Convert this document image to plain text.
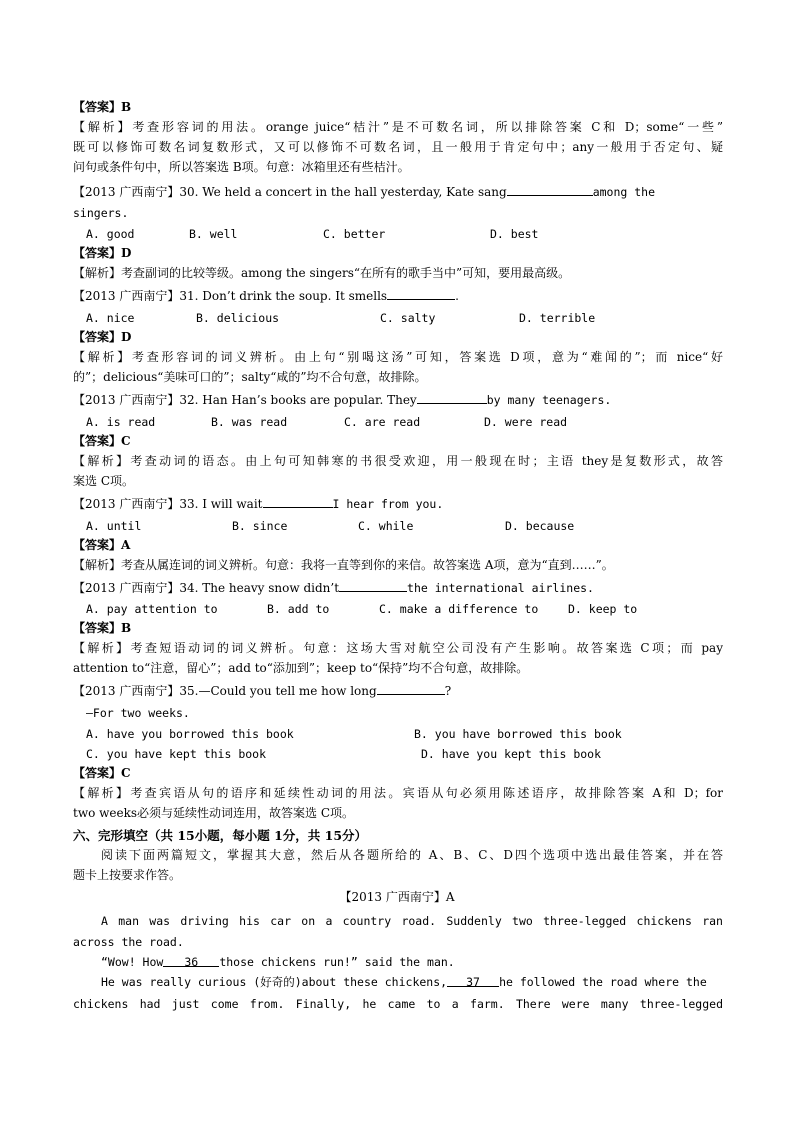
【答案】B
【解析】考查形容词的用法。orange juice“桔汁”是不可数名词，所以排除答案 C和 D；some“一些”
既可以修饰可数名词复数形式，又可以修饰不可数名词，且一般用于肯定句中；any一般用于否定句、疑
问句或条件句中，所以答案选 B项。句意：冰箱里还有些桔汁。
【2013 广西南宁】30. We held a concert in the hall yesterday, Kate sang	among the
singers.
A. good	B. well	C. better	D. best
【答案】D
【解析】考查副词的比较等级。among the singers“在所有的歌手当中”可知，要用最高级。
【2013 广西南宁】31. Don’t drink the soup. It smells	.
A. nice	B. delicious	C. salty	D. terrible
【答案】D
【解析】考查形容词的词义辨析。由上句“别喝这汤”可知，答案选 D项，意为“难闻的”；而 nice“好
的”；delicious“美味可口的”；salty“咸的”均不合句意，故排除。
【2013 广西南宁】32. Han Han’s books are popular. They	by many teenagers.
A. is read	B. was read	C. are read	D. were read
【答案】C
【解析】考查动词的语态。由上句可知韩寒的书很受欢迎，用一般现在时；主语 they是复数形式，故答
案选 C项。
【2013 广西南宁】33. I will wait	I hear from you.
A. until	B. since	C. while	D. because
【答案】A
【解析】考查从属连词的词义辨析。句意：我将一直等到你的来信。故答案选 A项，意为“直到……”。
【2013 广西南宁】34. The heavy snow didn’t	the international airlines.
A. pay attention to	B. add to	C. make a difference to	D. keep to
【答案】B
【解析】考查短语动词的词义辨析。句意：这场大雪对航空公司没有产生影响。故答案选 C项；而 pay
attention to“注意，留心”；add to“添加到”；keep to“保持”均不合句意，故排除。
【2013 广西南宁】35.—Could you tell me how long	?
—For two weeks.
A. have you borrowed this book	B. you have borrowed this book
C. you have kept this book	D. have you kept this book
【答案】C
【解析】考查宾语从句的语序和延续性动词的用法。宾语从句必须用陈述语序，故排除答案 A和 D；for
two weeks必须与延续性动词连用，故答案选 C项。
六、完形填空（共 15小题，每小题 1分，共 15分）
阅读下面两篇短文，掌握其大意，然后从各题所给的 A、B、C、D四个选项中选出最佳答案，并在答
题卡上按要求作答。
【2013 广西南宁】A
A man was driving his car on a country road. Suddenly two three-legged chickens ran
across the road.
“Wow! How 36 those chickens run!” said the man.
He was really curious (好奇的)about these chickens, 37 he followed the road where the
chickens had just come from. Finally, he came to a farm. There were many three-legged
